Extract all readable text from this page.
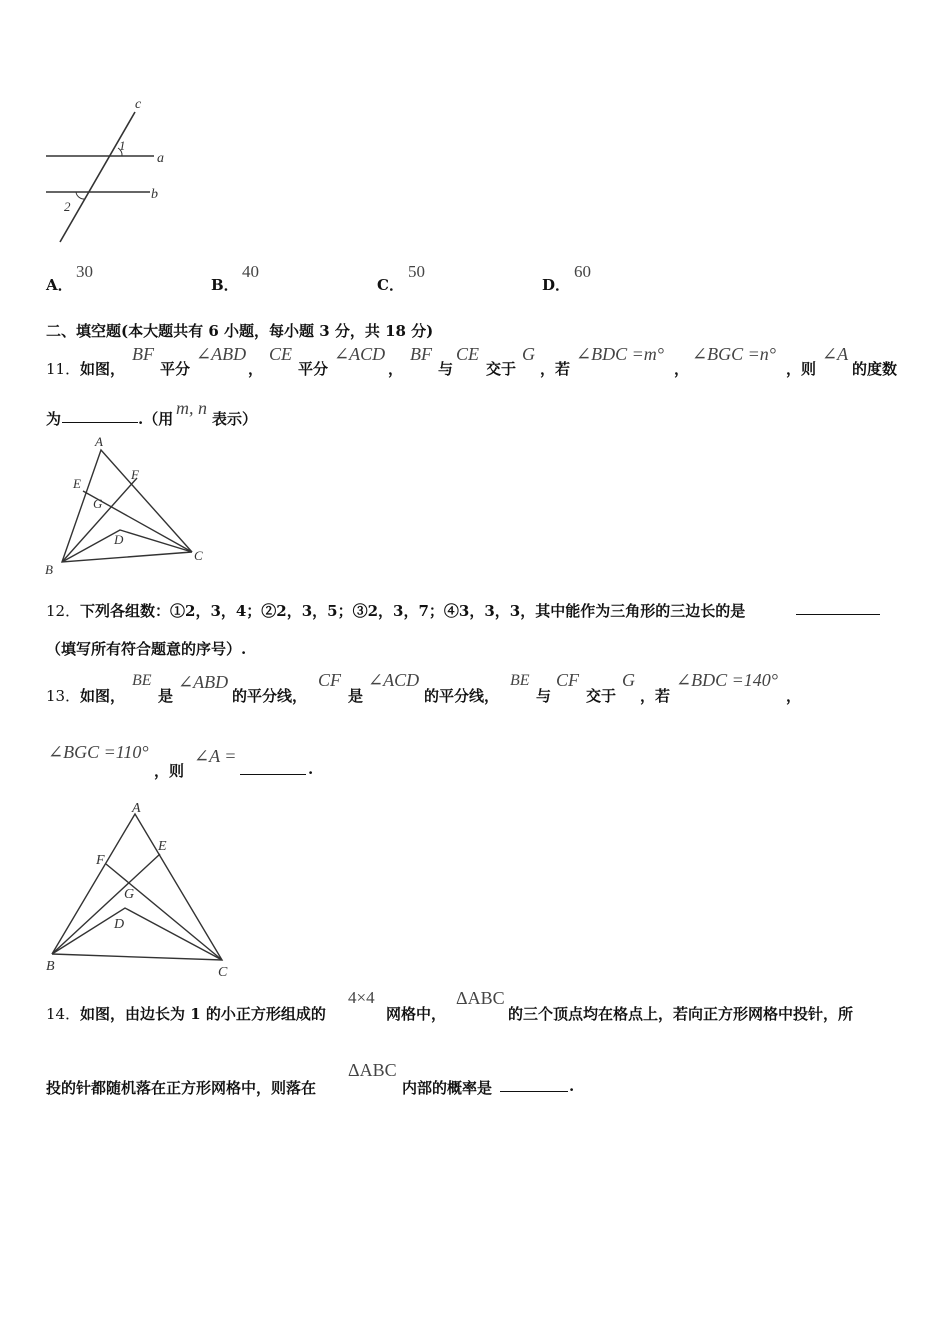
c
a
b
1
2
A．
30
B．
40
C．
50
D．
60
二、填空题(本大题共有 6 小题，每小题 3 分，共 18 分)
11． 如图，
BF
平分
∠ABD
，
CE
平分
∠ACD
，
BF
与
CE
交于
G
，若
∠BDC =m°
，
∠BGC =n°
，则
∠A
的度数
为	.（用
m, n
表示）
A
E
F
G
D
B
C
12． 下列各组数：①2，3，4；②2，3，5；③2，3，7；④3，3，3，其中能作为三角形的三边长的是
（填写所有符合题意的序号）.
13． 如图，
BE
是
∠ABD
的平分线，
CF
是
∠ACD
的平分线，
BE
与
CF
交于
G
，若
∠BDC =140°
，
∠BGC =110°
，则
∠A =
.
A
F
E
G
D
B	C
14． 如图，由边长为 1 的小正方形组成的
4×4
网格中，
ΔABC
的三个顶点均在格点上，若向正方形网格中投针，所
投的针都随机落在正方形网格中，则落在
ΔABC
内部的概率是	.
